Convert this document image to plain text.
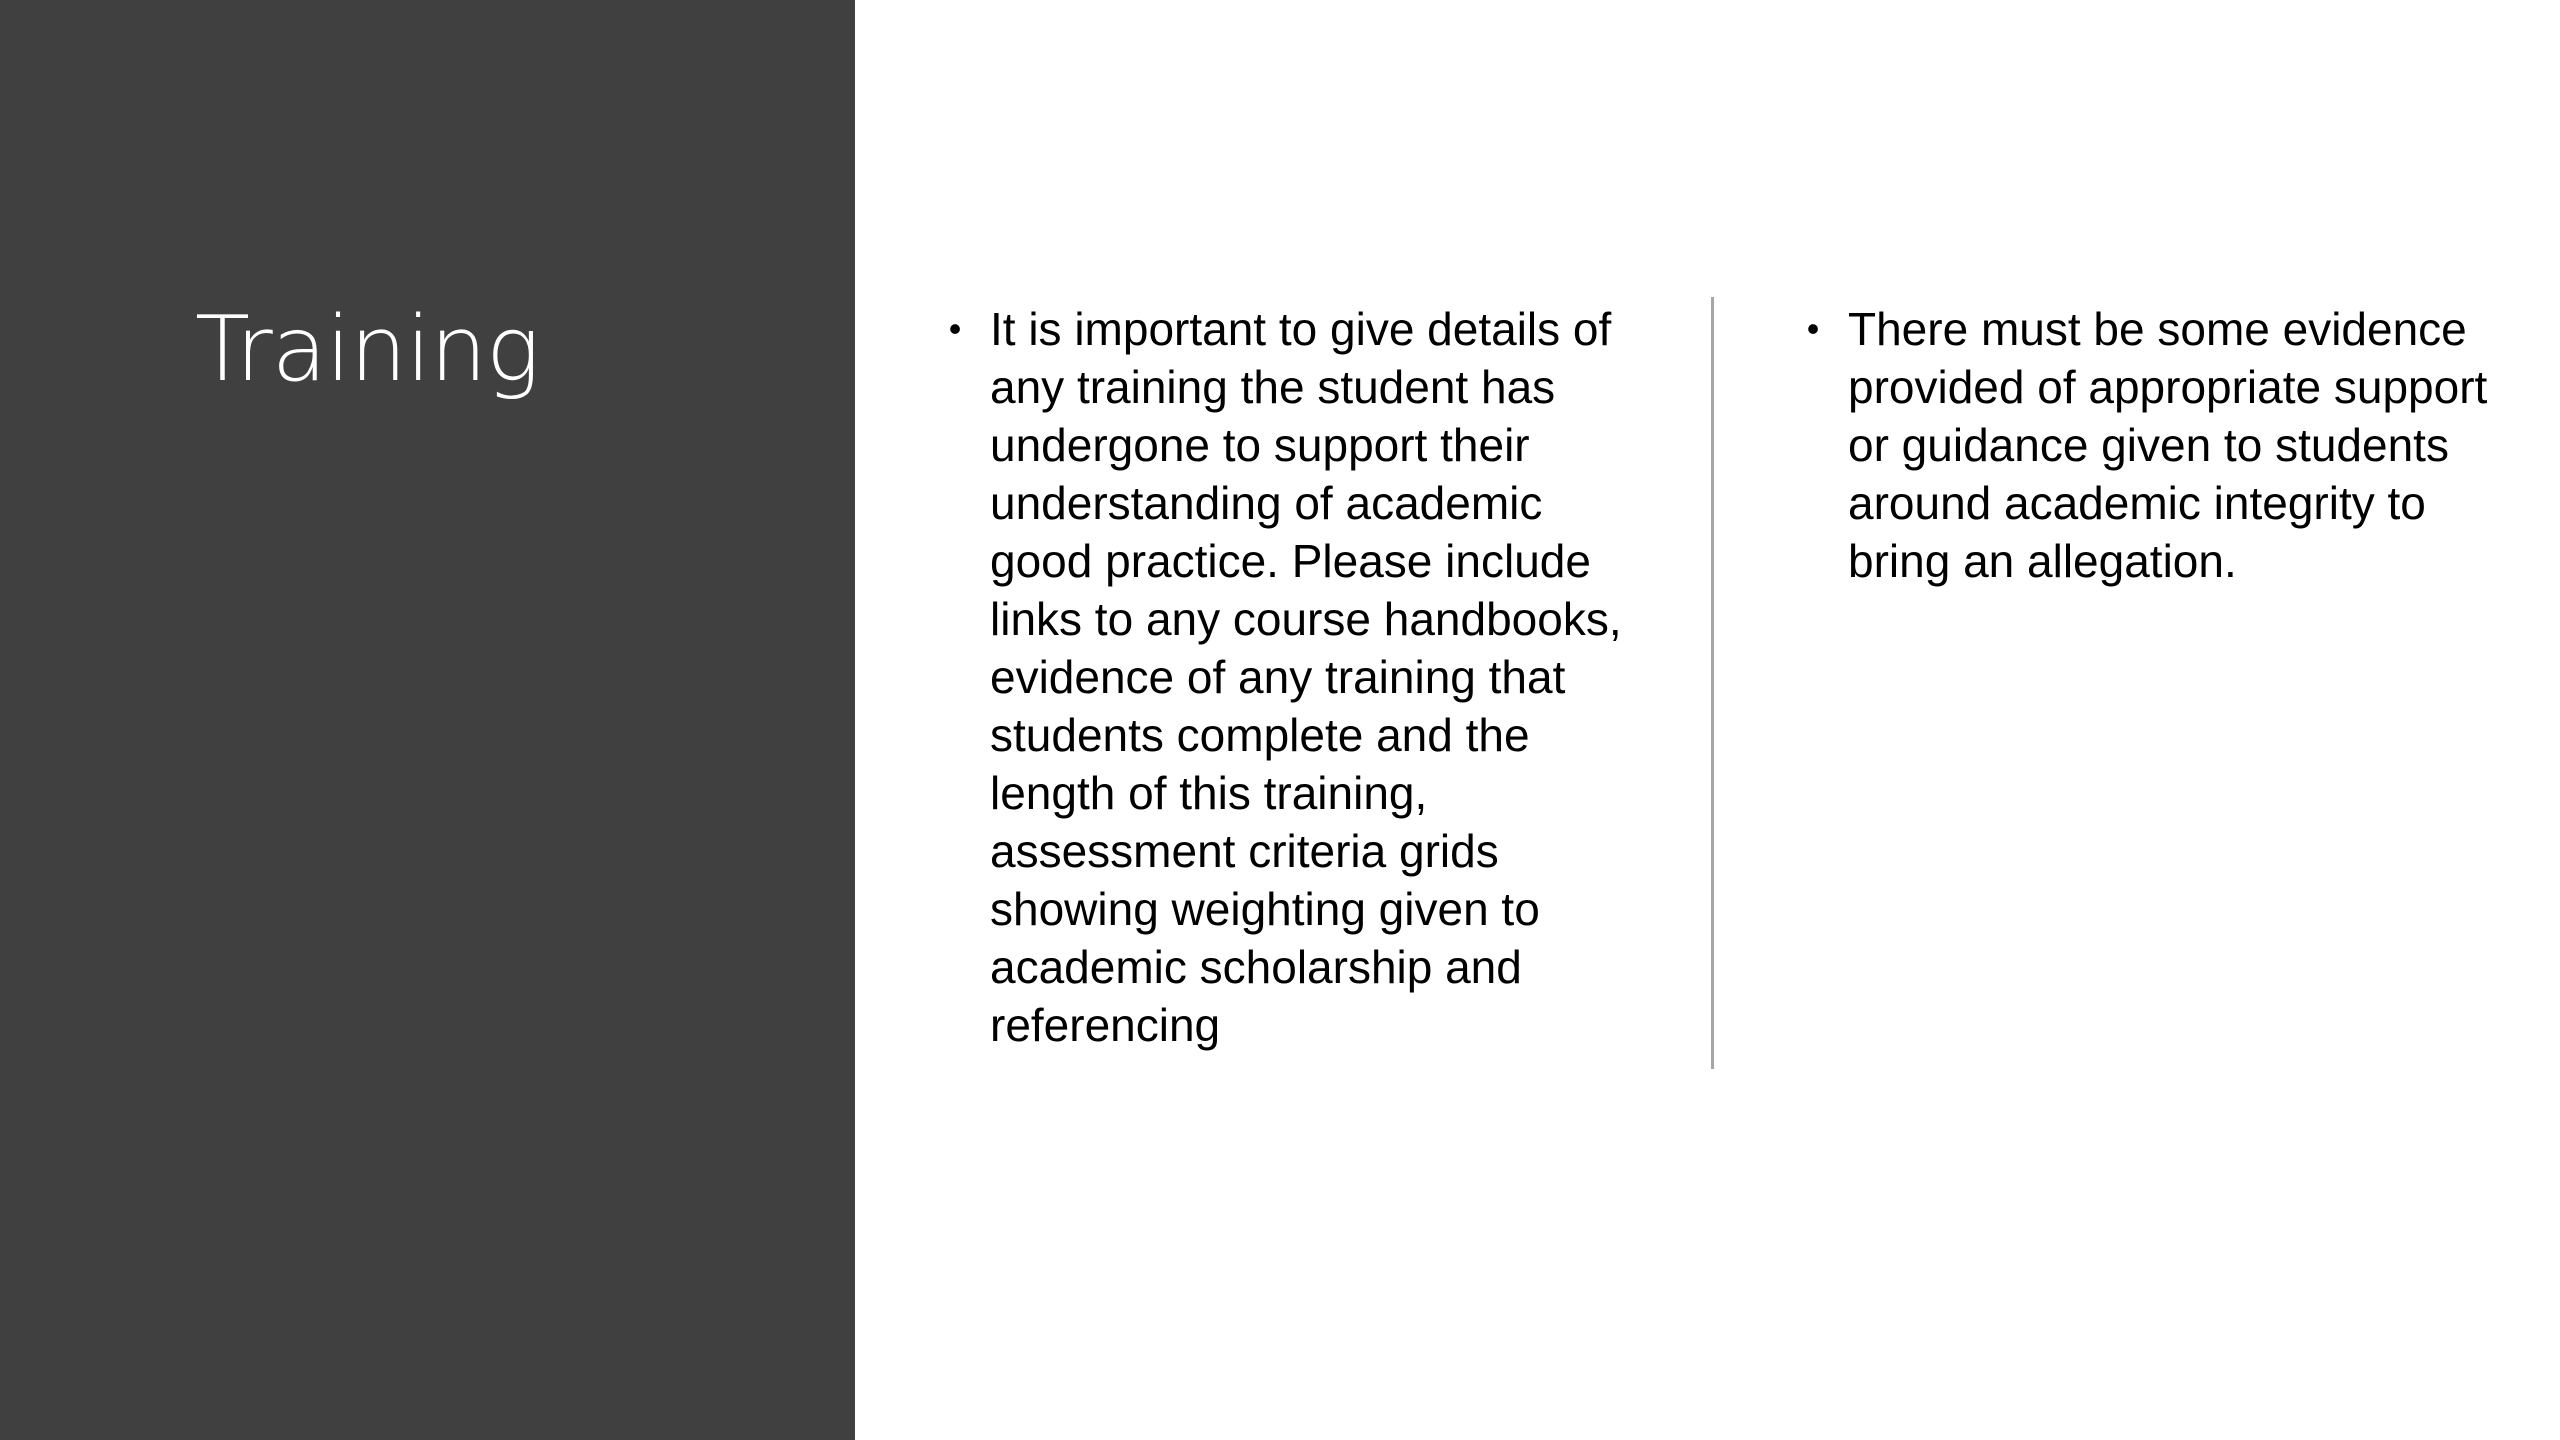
Training	• It is important to give details of any training the student has undergone to support their understanding of academic good practice. Please include links to any course handbooks, evidence of any training that students complete and the length of this training, assessment criteria grids showing weighting given to academic scholarship and referencing
• There must be some evidence provided of appropriate support or guidance given to students around academic integrity to bring an allegation.
